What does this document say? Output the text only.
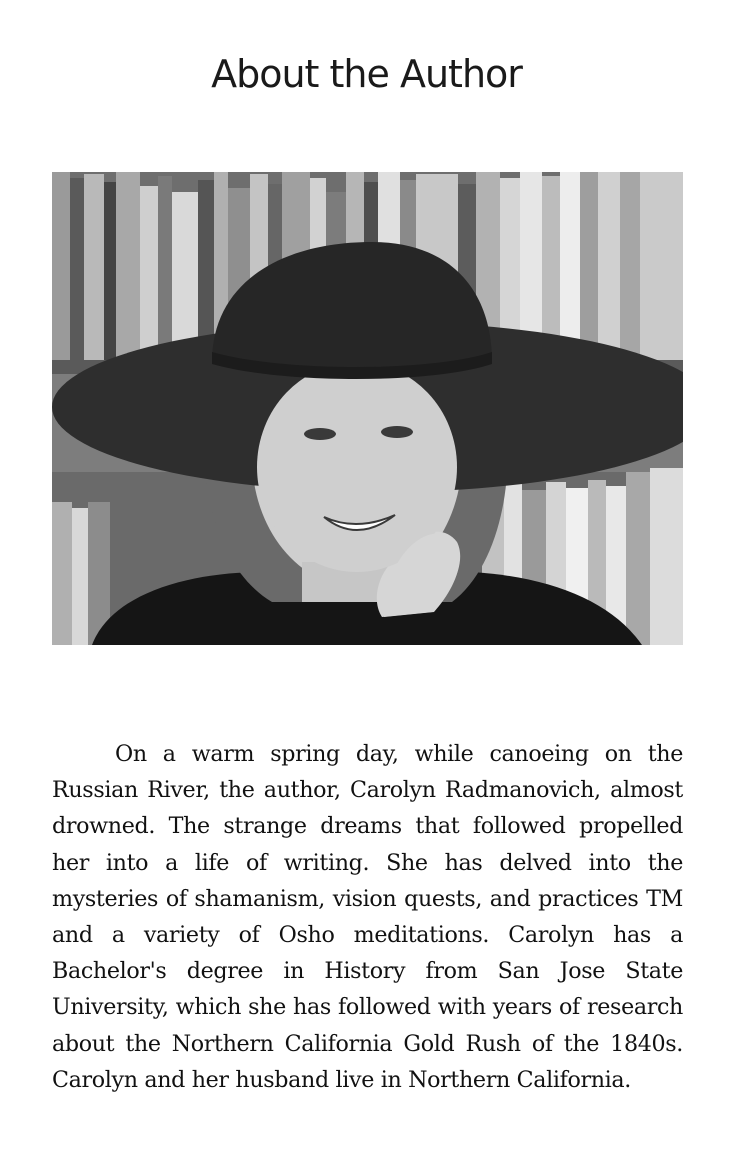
About the Author

On a warm spring day, while canoeing on the Russian River, the author, Carolyn Radmanovich, almost drowned. The strange dreams that followed propelled her into a life of writing. She has delved into the mysteries of shamanism, vision quests, and practices TM and a variety of Osho meditations. Carolyn has a Bachelor's degree in History from San Jose State University, which she has followed with years of research about the Northern California Gold Rush of the 1840s. Carolyn and her husband live in Northern California.
